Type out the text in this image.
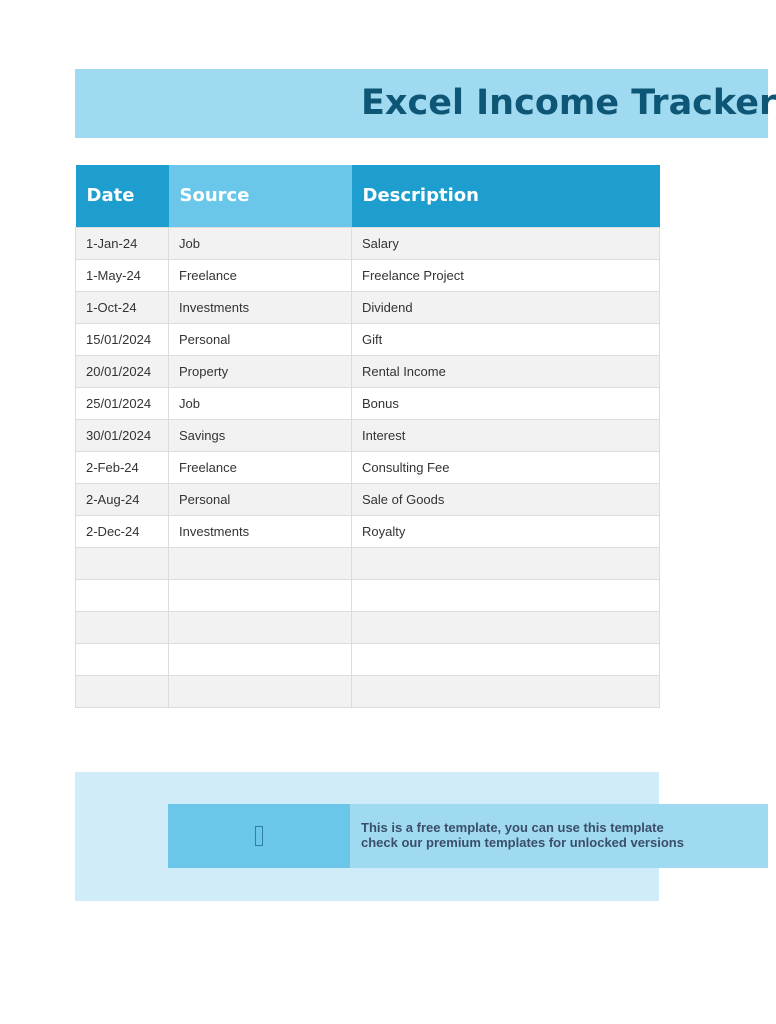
Excel Income Tracker
Date	Source	Description
1-Jan-24	Job	Salary
1-May-24	Freelance	Freelance Project
1-Oct-24	Investments	Dividend
15/01/2024	Personal	Gift
20/01/2024	Property	Rental Income
25/01/2024	Job	Bonus
30/01/2024	Savings	Interest
2-Feb-24	Freelance	Consulting Fee
2-Aug-24	Personal	Sale of Goods
2-Dec-24	Investments	Royalty

This is a free template, you can use this template
check our premium templates for unlocked versions
